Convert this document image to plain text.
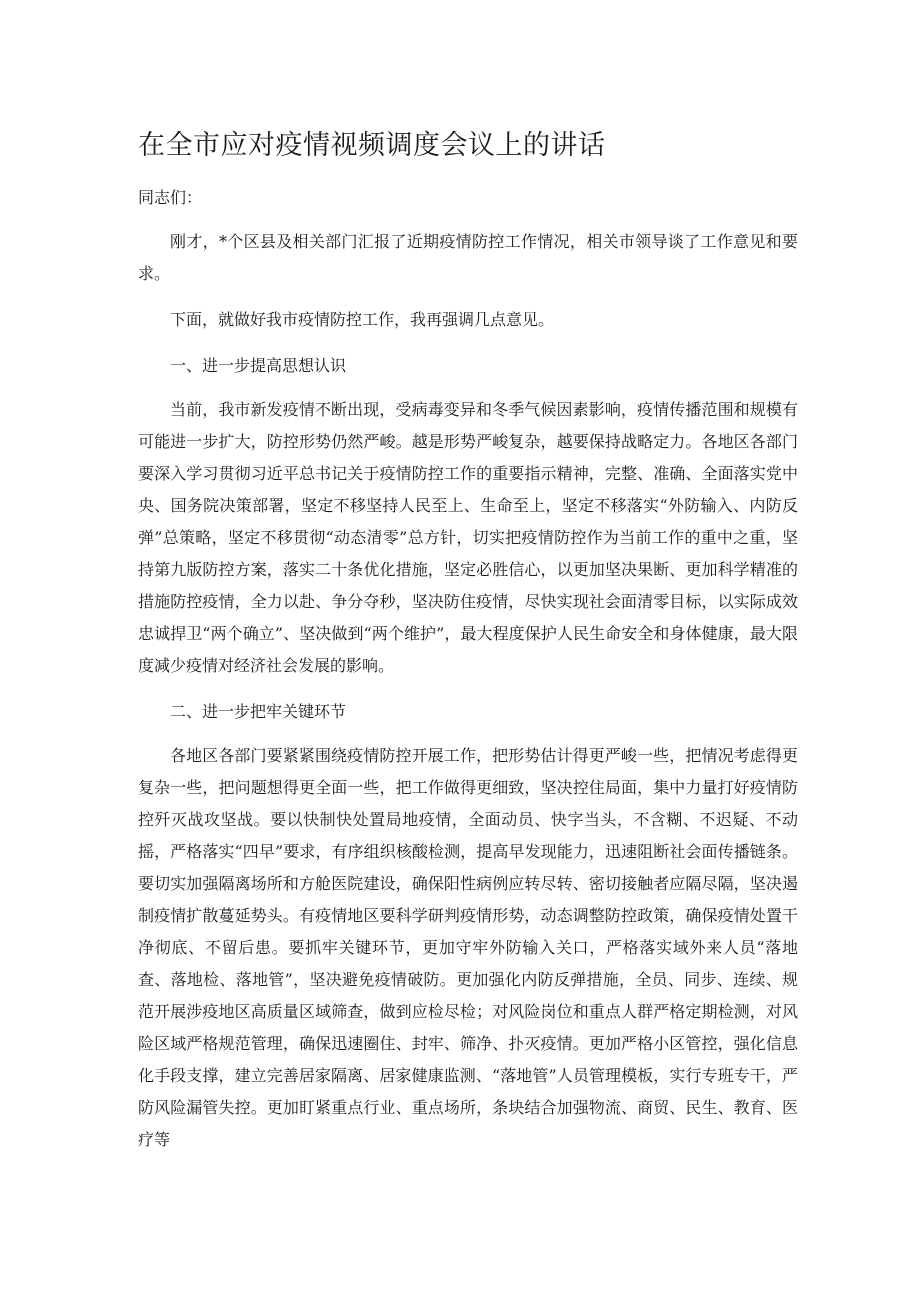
在全市应对疫情视频调度会议上的讲话

同志们：

刚才，*个区县及相关部门汇报了近期疫情防控工作情况，相关市领导谈了工作意见和要求。

下面，就做好我市疫情防控工作，我再强调几点意见。

一、进一步提高思想认识

当前，我市新发疫情不断出现，受病毒变异和冬季气候因素影响，疫情传播范围和规模有可能进一步扩大，防控形势仍然严峻。越是形势严峻复杂，越要保持战略定力。各地区各部门要深入学习贯彻习近平总书记关于疫情防控工作的重要指示精神，完整、准确、全面落实党中央、国务院决策部署，坚定不移坚持人民至上、生命至上，坚定不移落实“外防输入、内防反弹”总策略，坚定不移贯彻“动态清零”总方针，切实把疫情防控作为当前工作的重中之重，坚持第九版防控方案，落实二十条优化措施，坚定必胜信心，以更加坚决果断、更加科学精准的措施防控疫情，全力以赴、争分夺秒，坚决防住疫情，尽快实现社会面清零目标，以实际成效忠诚捍卫“两个确立”、坚决做到“两个维护”，最大程度保护人民生命安全和身体健康，最大限度减少疫情对经济社会发展的影响。

二、进一步把牢关键环节

各地区各部门要紧紧围绕疫情防控开展工作，把形势估计得更严峻一些，把情况考虑得更复杂一些，把问题想得更全面一些，把工作做得更细致，坚决控住局面，集中力量打好疫情防控歼灭战攻坚战。要以快制快处置局地疫情，全面动员、快字当头，不含糊、不迟疑、不动摇，严格落实“四早”要求，有序组织核酸检测，提高早发现能力，迅速阻断社会面传播链条。要切实加强隔离场所和方舱医院建设，确保阳性病例应转尽转、密切接触者应隔尽隔，坚决遏制疫情扩散蔓延势头。有疫情地区要科学研判疫情形势，动态调整防控政策，确保疫情处置干净彻底、不留后患。要抓牢关键环节，更加守牢外防输入关口，严格落实域外来人员“落地查、落地检、落地管”，坚决避免疫情破防。更加强化内防反弹措施，全员、同步、连续、规范开展涉疫地区高质量区域筛查，做到应检尽检；对风险岗位和重点人群严格定期检测，对风险区域严格规范管理，确保迅速圈住、封牢、筛净、扑灭疫情。更加严格小区管控，强化信息化手段支撑，建立完善居家隔离、居家健康监测、“落地管”人员管理模板，实行专班专干，严防风险漏管失控。更加盯紧重点行业、重点场所，条块结合加强物流、商贸、民生、教育、医疗等
